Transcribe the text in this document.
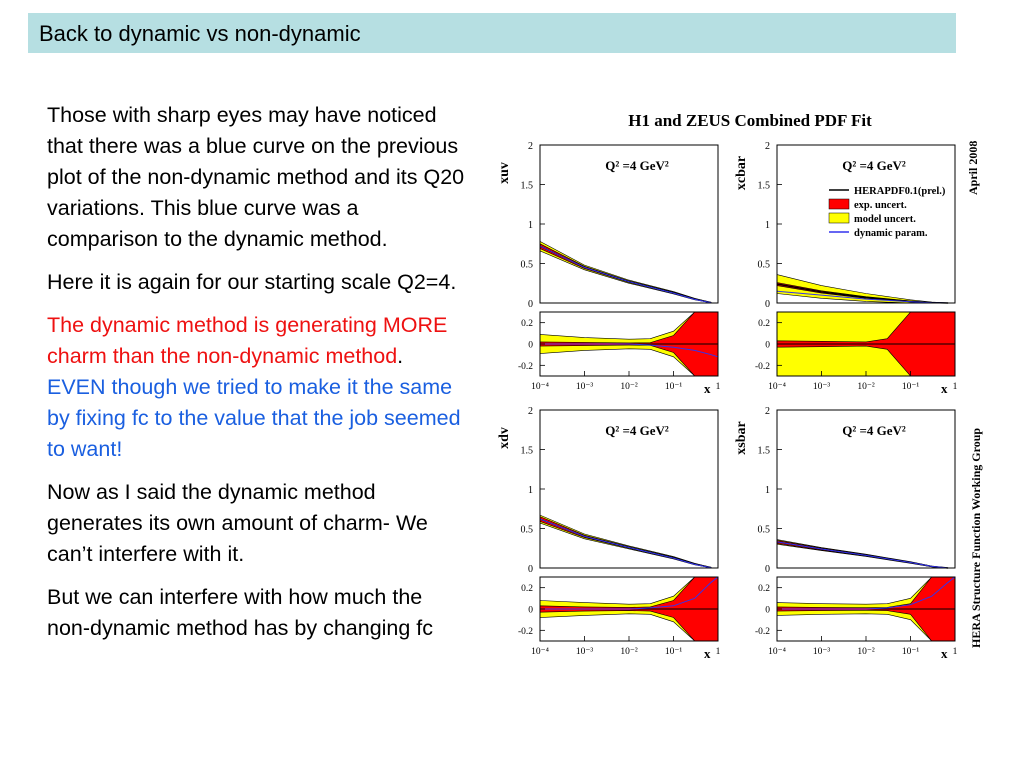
Back to dynamic vs non-dynamic

Those with sharp eyes may have noticed that there was a blue curve on the previous plot of the non-dynamic method and its Q20 variations. This blue curve was a comparison to the dynamic method.

Here it is again for our starting scale Q2=4.

The dynamic method is generating MORE charm than the non-dynamic method. EVEN though we tried to make it the same by fixing fc to the value that the job seemed to want!

Now as I said the dynamic method generates its own amount of charm- We can’t interfere with it.

But we can interfere with how much the non-dynamic method has by changing fc

H1 and ZEUS Combined PDF Fit
April 2008
HERA Structure Function Working Group
0
0.5
1
1.5
2
0.2
0
-0.2
10⁻⁴	10⁻³	10⁻²	10⁻¹	1
x
xuv	Q² =4 GeV²
0
0.5
1
1.5
2
0.2
0
-0.2
10⁻⁴	10⁻³	10⁻²	10⁻¹	1
x
xcbar	Q² =4 GeV²
HERAPDF0.1(prel.)
exp. uncert.
model uncert.
dynamic param.
0
0.5
1
1.5
2
0.2
0
-0.2
10⁻⁴	10⁻³	10⁻²	10⁻¹	1
x
xdv	Q² =4 GeV²
0
0.5
1
1.5
2
0.2
0
-0.2
10⁻⁴	10⁻³	10⁻²	10⁻¹	1
x
xsbar	Q² =4 GeV²
